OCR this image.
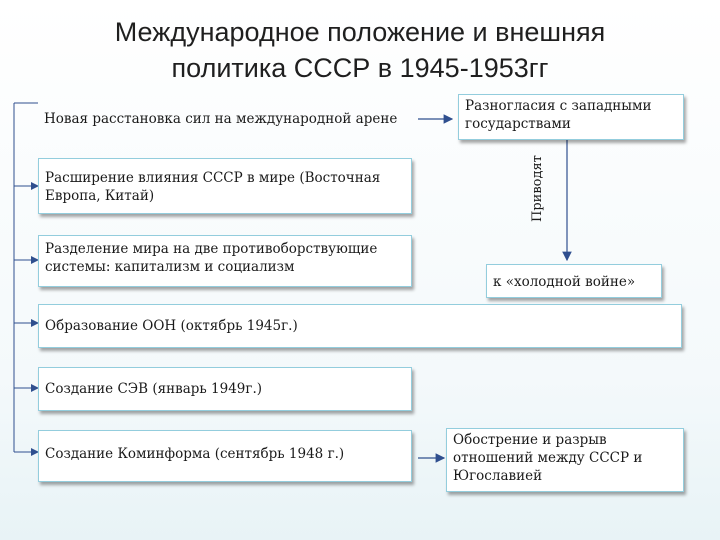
Международное положение и внешняя
политика СССР в 1945-1953гг
Новая расстановка сил на международной арене
Расширение влияния СССР в мире (Восточная Европа, Китай)
Разделение мира на две противоборствующие системы: капитализм и социализм
Образование ООН (октябрь 1945г.)
Создание СЭВ (январь 1949г.)
Создание Коминформа (сентябрь 1948 г.)
Разногласия с западными государствами
Приводят
к «холодной войне»
Обострение и разрыв отношений между СССР и Югославией
